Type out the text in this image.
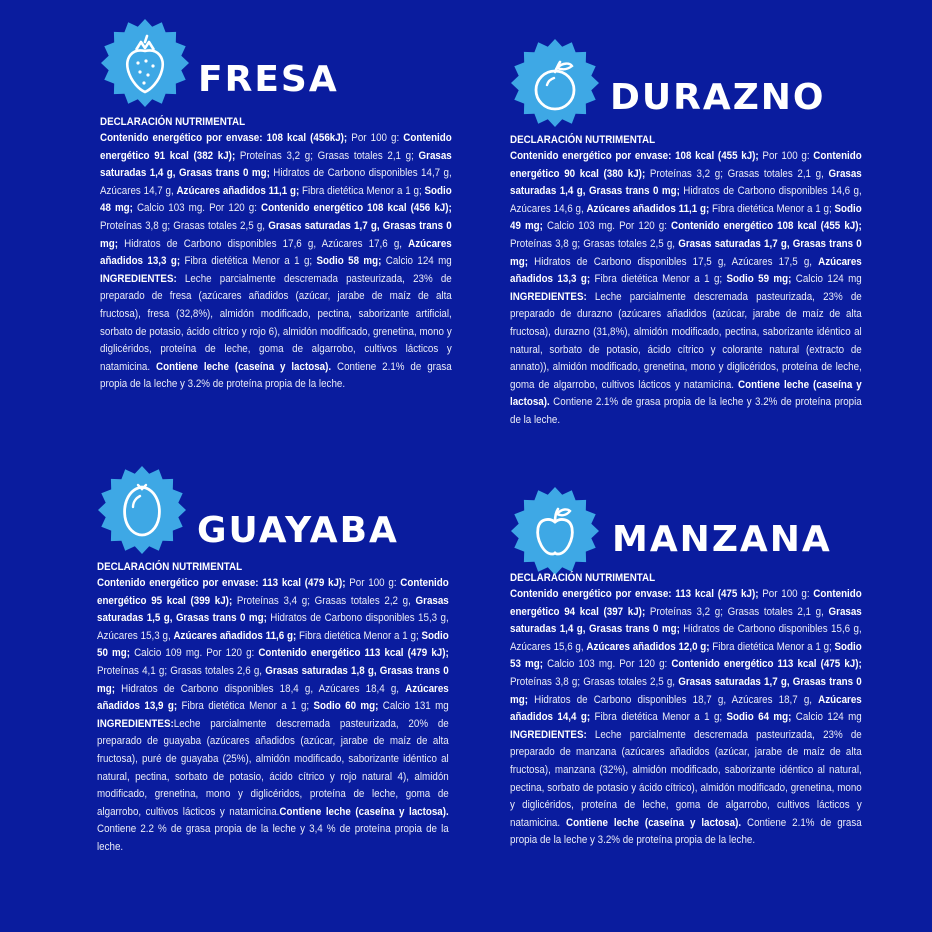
FRESA
DECLARACIÓN NUTRIMENTAL
Contenido energético por envase: 108 kcal (456kJ); Por 100 g: Contenido energético 91 kcal (382 kJ); Proteínas 3,2 g; Grasas totales 2,1 g; Grasas saturadas 1,4 g, Grasas trans 0 mg; Hidratos de Carbono disponibles 14,7 g, Azúcares 14,7 g, Azúcares añadidos 11,1 g; Fibra dietética Menor a 1 g; Sodio 48 mg; Calcio 103 mg. Por 120 g: Contenido energético 108 kcal (456 kJ); Proteínas 3,8 g; Grasas totales 2,5 g, Grasas saturadas 1,7 g, Grasas trans 0 mg; Hidratos de Carbono disponibles 17,6 g, Azúcares 17,6 g, Azúcares añadidos 13,3 g; Fibra dietética Menor a 1 g; Sodio 58 mg; Calcio 124 mg INGREDIENTES: Leche parcialmente descremada pasteurizada, 23% de preparado de fresa (azúcares añadidos (azúcar, jarabe de maíz de alta fructosa), fresa (32,8%), almidón modificado, pectina, saborizante artificial, sorbato de potasio, ácido cítrico y rojo 6), almidón modificado, grenetina, mono y diglicéridos, proteína de leche, goma de algarrobo, cultivos lácticos y natamicina. Contiene leche (caseína y lactosa). Contiene 2.1% de grasa propia de la leche y 3.2% de proteína propia de la leche.
DURAZNO
DECLARACIÓN NUTRIMENTAL
Contenido energético por envase: 108 kcal (455 kJ); Por 100 g: Contenido energético 90 kcal (380 kJ); Proteínas 3,2 g; Grasas totales 2,1 g, Grasas saturadas 1,4 g, Grasas trans 0 mg; Hidratos de Carbono disponibles 14,6 g, Azúcares 14,6 g, Azúcares añadidos 11,1 g; Fibra dietética Menor a 1 g; Sodio 49 mg; Calcio 103 mg. Por 120 g: Contenido energético 108 kcal (455 kJ); Proteínas 3,8 g; Grasas totales 2,5 g, Grasas saturadas 1,7 g, Grasas trans 0 mg; Hidratos de Carbono disponibles 17,5 g, Azúcares 17,5 g, Azúcares añadidos 13,3 g; Fibra dietética Menor a 1 g; Sodio 59 mg; Calcio 124 mg INGREDIENTES: Leche parcialmente descremada pasteurizada, 23% de preparado de durazno (azúcares añadidos (azúcar, jarabe de maíz de alta fructosa), durazno (31,8%), almidón modificado, pectina, saborizante idéntico al natural, sorbato de potasio, ácido cítrico y colorante natural (extracto de annato)), almidón modificado, grenetina, mono y diglicéridos, proteína de leche, goma de algarrobo, cultivos lácticos y natamicina. Contiene leche (caseína y lactosa). Contiene 2.1% de grasa propia de la leche y 3.2% de proteína propia de la leche.
GUAYABA
DECLARACIÓN NUTRIMENTAL
Contenido energético por envase: 113 kcal (479 kJ); Por 100 g: Contenido energético 95 kcal (399 kJ); Proteínas 3,4 g; Grasas totales 2,2 g, Grasas saturadas 1,5 g, Grasas trans 0 mg; Hidratos de Carbono disponibles 15,3 g, Azúcares 15,3 g, Azúcares añadidos 11,6 g; Fibra dietética Menor a 1 g; Sodio 50 mg; Calcio 109 mg. Por 120 g: Contenido energético 113 kcal (479 kJ); Proteínas 4,1 g; Grasas totales 2,6 g, Grasas saturadas 1,8 g, Grasas trans 0 mg; Hidratos de Carbono disponibles 18,4 g, Azúcares 18,4 g, Azúcares añadidos 13,9 g; Fibra dietética Menor a 1 g; Sodio 60 mg; Calcio 131 mg INGREDIENTES:Leche parcialmente descremada pasteurizada, 20% de preparado de guayaba (azúcares añadidos (azúcar, jarabe de maíz de alta fructosa), puré de guayaba (25%), almidón modificado, saborizante idéntico al natural, pectina, sorbato de potasio, ácido cítrico y rojo natural 4), almidón modificado, grenetina, mono y diglicéridos, proteína de leche, goma de algarrobo, cultivos lácticos y natamicina.Contiene leche (caseína y lactosa). Contiene 2.2 % de grasa propia de la leche y 3,4 % de proteína propia de la leche.
MANZANA
DECLARACIÓN NUTRIMENTAL
Contenido energético por envase: 113 kcal (475 kJ); Por 100 g: Contenido energético 94 kcal (397 kJ); Proteínas 3,2 g; Grasas totales 2,1 g, Grasas saturadas 1,4 g, Grasas trans 0 mg; Hidratos de Carbono disponibles 15,6 g, Azúcares 15,6 g, Azúcares añadidos 12,0 g; Fibra dietética Menor a 1 g; Sodio 53 mg; Calcio 103 mg. Por 120 g: Contenido energético 113 kcal (475 kJ); Proteínas 3,8 g; Grasas totales 2,5 g, Grasas saturadas 1,7 g, Grasas trans 0 mg; Hidratos de Carbono disponibles 18,7 g, Azúcares 18,7 g, Azúcares añadidos 14,4 g; Fibra dietética Menor a 1 g; Sodio 64 mg; Calcio 124 mg INGREDIENTES: Leche parcialmente descremada pasteurizada, 23% de preparado de manzana (azúcares añadidos (azúcar, jarabe de maíz de alta fructosa), manzana (32%), almidón modificado, saborizante idéntico al natural, pectina, sorbato de potasio y ácido cítrico), almidón modificado, grenetina, mono y diglicéridos, proteína de leche, goma de algarrobo, cultivos lácticos y natamicina. Contiene leche (caseína y lactosa). Contiene 2.1% de grasa propia de la leche y 3.2% de proteína propia de la leche.
